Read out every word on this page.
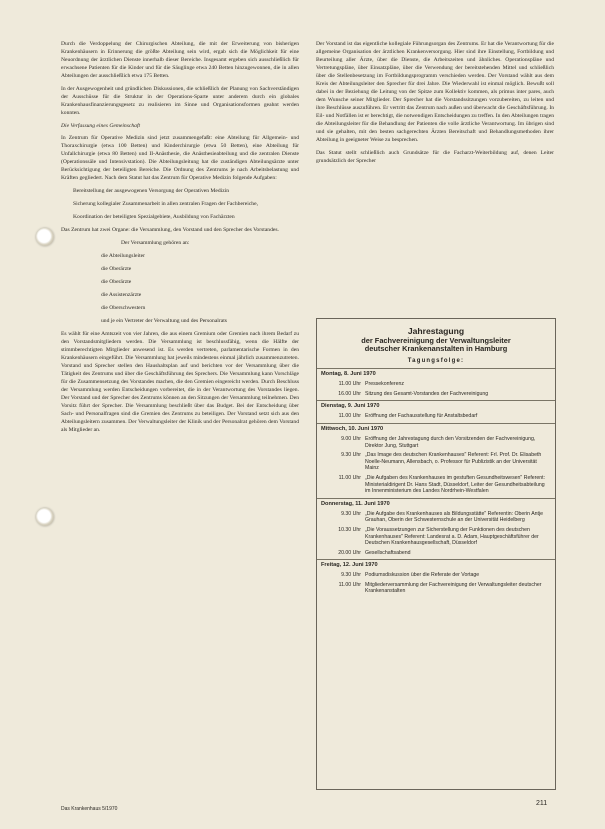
Durch die Verdoppelung der Chirurgischen Abteilung, die mit der Erweiterung von bisherigen Krankenhäusern in Erinnerung die größte Abteilung sein wird, ergab sich die Möglichkeit für eine Neuordnung der ärztlichen Dienste innerhalb dieser Bereiche. Insgesamt ergeben sich ausschließlich für erwachsene Patienten für die Kinder und für die Säuglinge etwa 240 Betten hinzugewonnen, die in allen Abteilungen der ausschließlich etwa 175 Betten.

In der Ausgewogenheit und gründlichen Diskussionen, die schließlich der Planung von Sachverständigen der Ausschüsse für die Struktur in der Operations-Sparte unter anderem durch ein globales Krankenhausfinanzierungsgesetz zu realisieren im Sinne und Organisationsformen geahnt werden konnten.

Die Verfassung eines Gemeinschaft

In Zentrum für Operative Medizin sind jetzt zusammengefaßt: eine Abteilung für Allgemein- und Thoraxchirurgie (etwa 100 Betten) und Kinderchirurgie (etwa 50 Betten), eine Abteilung für Unfallchirurgie (etwa 80 Betten) und II-Anästhesie, die Anästhesieabteilung und die zentralen Dienste (Operationssäle und Intensivstation). Die Abteilungsleitung hat die zuständigen Abteilungsärzte unter Berücksichtigung der beteiligten Bereiche. Die Ordnung des Zentrums je nach Arbeitsbelastung und Kräften gegliedert. Nach dem Statut hat das Zentrum für Operative Medizin folgende Aufgaben:

Bereitstellung der ausgewogenen Versorgung der Operativen Medizin

Sicherung kollegialer Zusammenarbeit in allen zentralen Fragen der Fachbereiche,

Koordination der beteiligten Spezialgebiete, Ausbildung von Fachärzten

Das Zentrum hat zwei Organe: die Versammlung, den Vorstand und den Sprecher des Vorstandes.

Der Versammlung gehören an:

die Abteilungsleiter

die Oberärzte

die Oberärzte

die Assistenzärzte

die Oberschwestern

und je ein Vertreter der Verwaltung und des Personalrats

Es wählt für eine Amtszeit von vier Jahren, die aus einem Gremium oder Gremien nach ihrem Bedarf zu den Vorstandsmitgliedern werden. Die Versammlung ist beschlussfähig, wenn die Hälfte der stimmberechtigten Mitglieder anwesend ist. Es werden vertreten, parlamentarische Formen in den Krankenhäusern eingeführt. Die Versammlung hat jeweils mindestens einmal jährlich zusammenzutreten. Vorstand und Sprecher stellen den Haushaltsplan auf und berichten vor der Versammlung über die Tätigkeit des Zentrums und über die Geschäftsführung des Sprechers. Die Versammlung kann Vorschläge für die Zusammensetzung des Vorstandes machen, die den Gremien eingereicht werden. Durch Beschluss der Versammlung werden Entscheidungen vorbereitet, die in der Verantwortung des Vorstandes liegen. Der Vorstand und der Sprecher des Zentrums können an den Sitzungen der Versammlung teilnehmen. Den Vorsitz führt der Sprecher. Die Versammlung beschließt über das Budget. Bei der Entscheidung über Sach- und Personalfragen sind die Gremien des Zentrums zu beteiligen. Der Vorstand setzt sich aus den Abteilungsleitern zusammen. Der Verwaltungsleiter der Klinik und der Personalrat gehören dem Vorstand als Mitglieder an.

Der Vorstand ist das eigentliche kollegiale Führungsorgan des Zentrums. Er hat die Verantwortung für die allgemeine Organisation der ärztlichen Krankenversorgung. Hier sind ihre Einstellung, Fortbildung und Beurteilung aller Ärzte, über die Dienste, die Arbeitszeiten und ähnliches. Operationspläne und Vertretungspläne, über Einsatzpläne, über die Verwendung der bereitstehenden Mittel und schließlich über die Stellenbesetzung im Fortbildungsprogramm verschieden werden. Der Vorstand wählt aus dem Kreis der Abteilungsleiter den Sprecher für drei Jahre. Die Wiederwahl ist einmal möglich. Bewußt soll dabei in der Beziehung die Leitung von der Spitze zum Kollektiv kommen, als primus inter pares, auch dem Wunsche seiner Mitglieder. Der Sprecher hat die Vorstandssitzungen vorzubereiten, zu leiten und ihre Beschlüsse auszuführen. Er vertritt das Zentrum nach außen und überwacht die Geschäftsführung. In Eil- und Notfällen ist er berechtigt, die notwendigen Entscheidungen zu treffen. In den Abteilungen tragen die Abteilungsleiter für die Behandlung der Patienten die volle ärztliche Verantwortung. Im übrigen sind und sie gehalten, mit den besten sachgerechten Ärzten Bereitschaft und Behandlungsmethoden ihrer Abteilung in geeigneter Weise zu besprechen.

Das Statut stellt schließlich auch Grundsätze für die Facharzt-Weiterbildung auf, denen Leiter grundsätzlich der Sprecher

Jahrestagung
der Fachvereinigung der Verwaltungsleiter
deutscher Krankenanstalten in Hamburg
Tagungsfolge:
Montag, 8. Juni 1970
11.00 Uhr Pressekonferenz
16.00 Uhr Sitzung des Gesamt-Vorstandes der Fachvereinigung
Dienstag, 9. Juni 1970
11.00 Uhr Eröffnung der Fachausstellung für Anstaltsbedarf
Mittwoch, 10. Juni 1970
9.00 Uhr Eröffnung der Jahrestagung durch den Vorsitzenden der Fachvereinigung, Direktor Jung, Stuttgart
9.30 Uhr „Das Image des deutschen Krankenhauses" Referent: Frl. Prof. Dr. Elisabeth Noelle-Neumann, Allensbach, o. Professor für Publizistik an der Universität Mainz
11.00 Uhr „Die Aufgaben des Krankenhauses im gestuften Gesundheitswesen" Referent: Ministerialdirigent Dr. Hans Stadt, Düsseldorf, Leiter der Gesundheitsabteilung im Innenministerium des Landes Nordrhein-Westfalen
Donnerstag, 11. Juni 1970
9.30 Uhr „Die Aufgabe des Krankenhauses als Bildungsstätte" Referentin: Oberin Antje Grauhan, Oberin der Schwesternschule an der Universität Heidelberg
10.30 Uhr „Die Voraussetzungen zur Sicherstellung der Funktionen des deutschen Krankenhauses" Referent: Landesrat a. D. Adam, Hauptgeschäftsführer der Deutschen Krankenhausgesellschaft, Düsseldorf
20.00 Uhr Gesellschaftsabend
Freitag, 12. Juni 1970
9.30 Uhr Podiumsdiskussion über die Referate der Vortage
11.00 Uhr Mitgliederversammlung der Fachvereinigung der Verwaltungsleiter deutscher Krankenanstalten
Das Krankenhaus 5/1970
211
